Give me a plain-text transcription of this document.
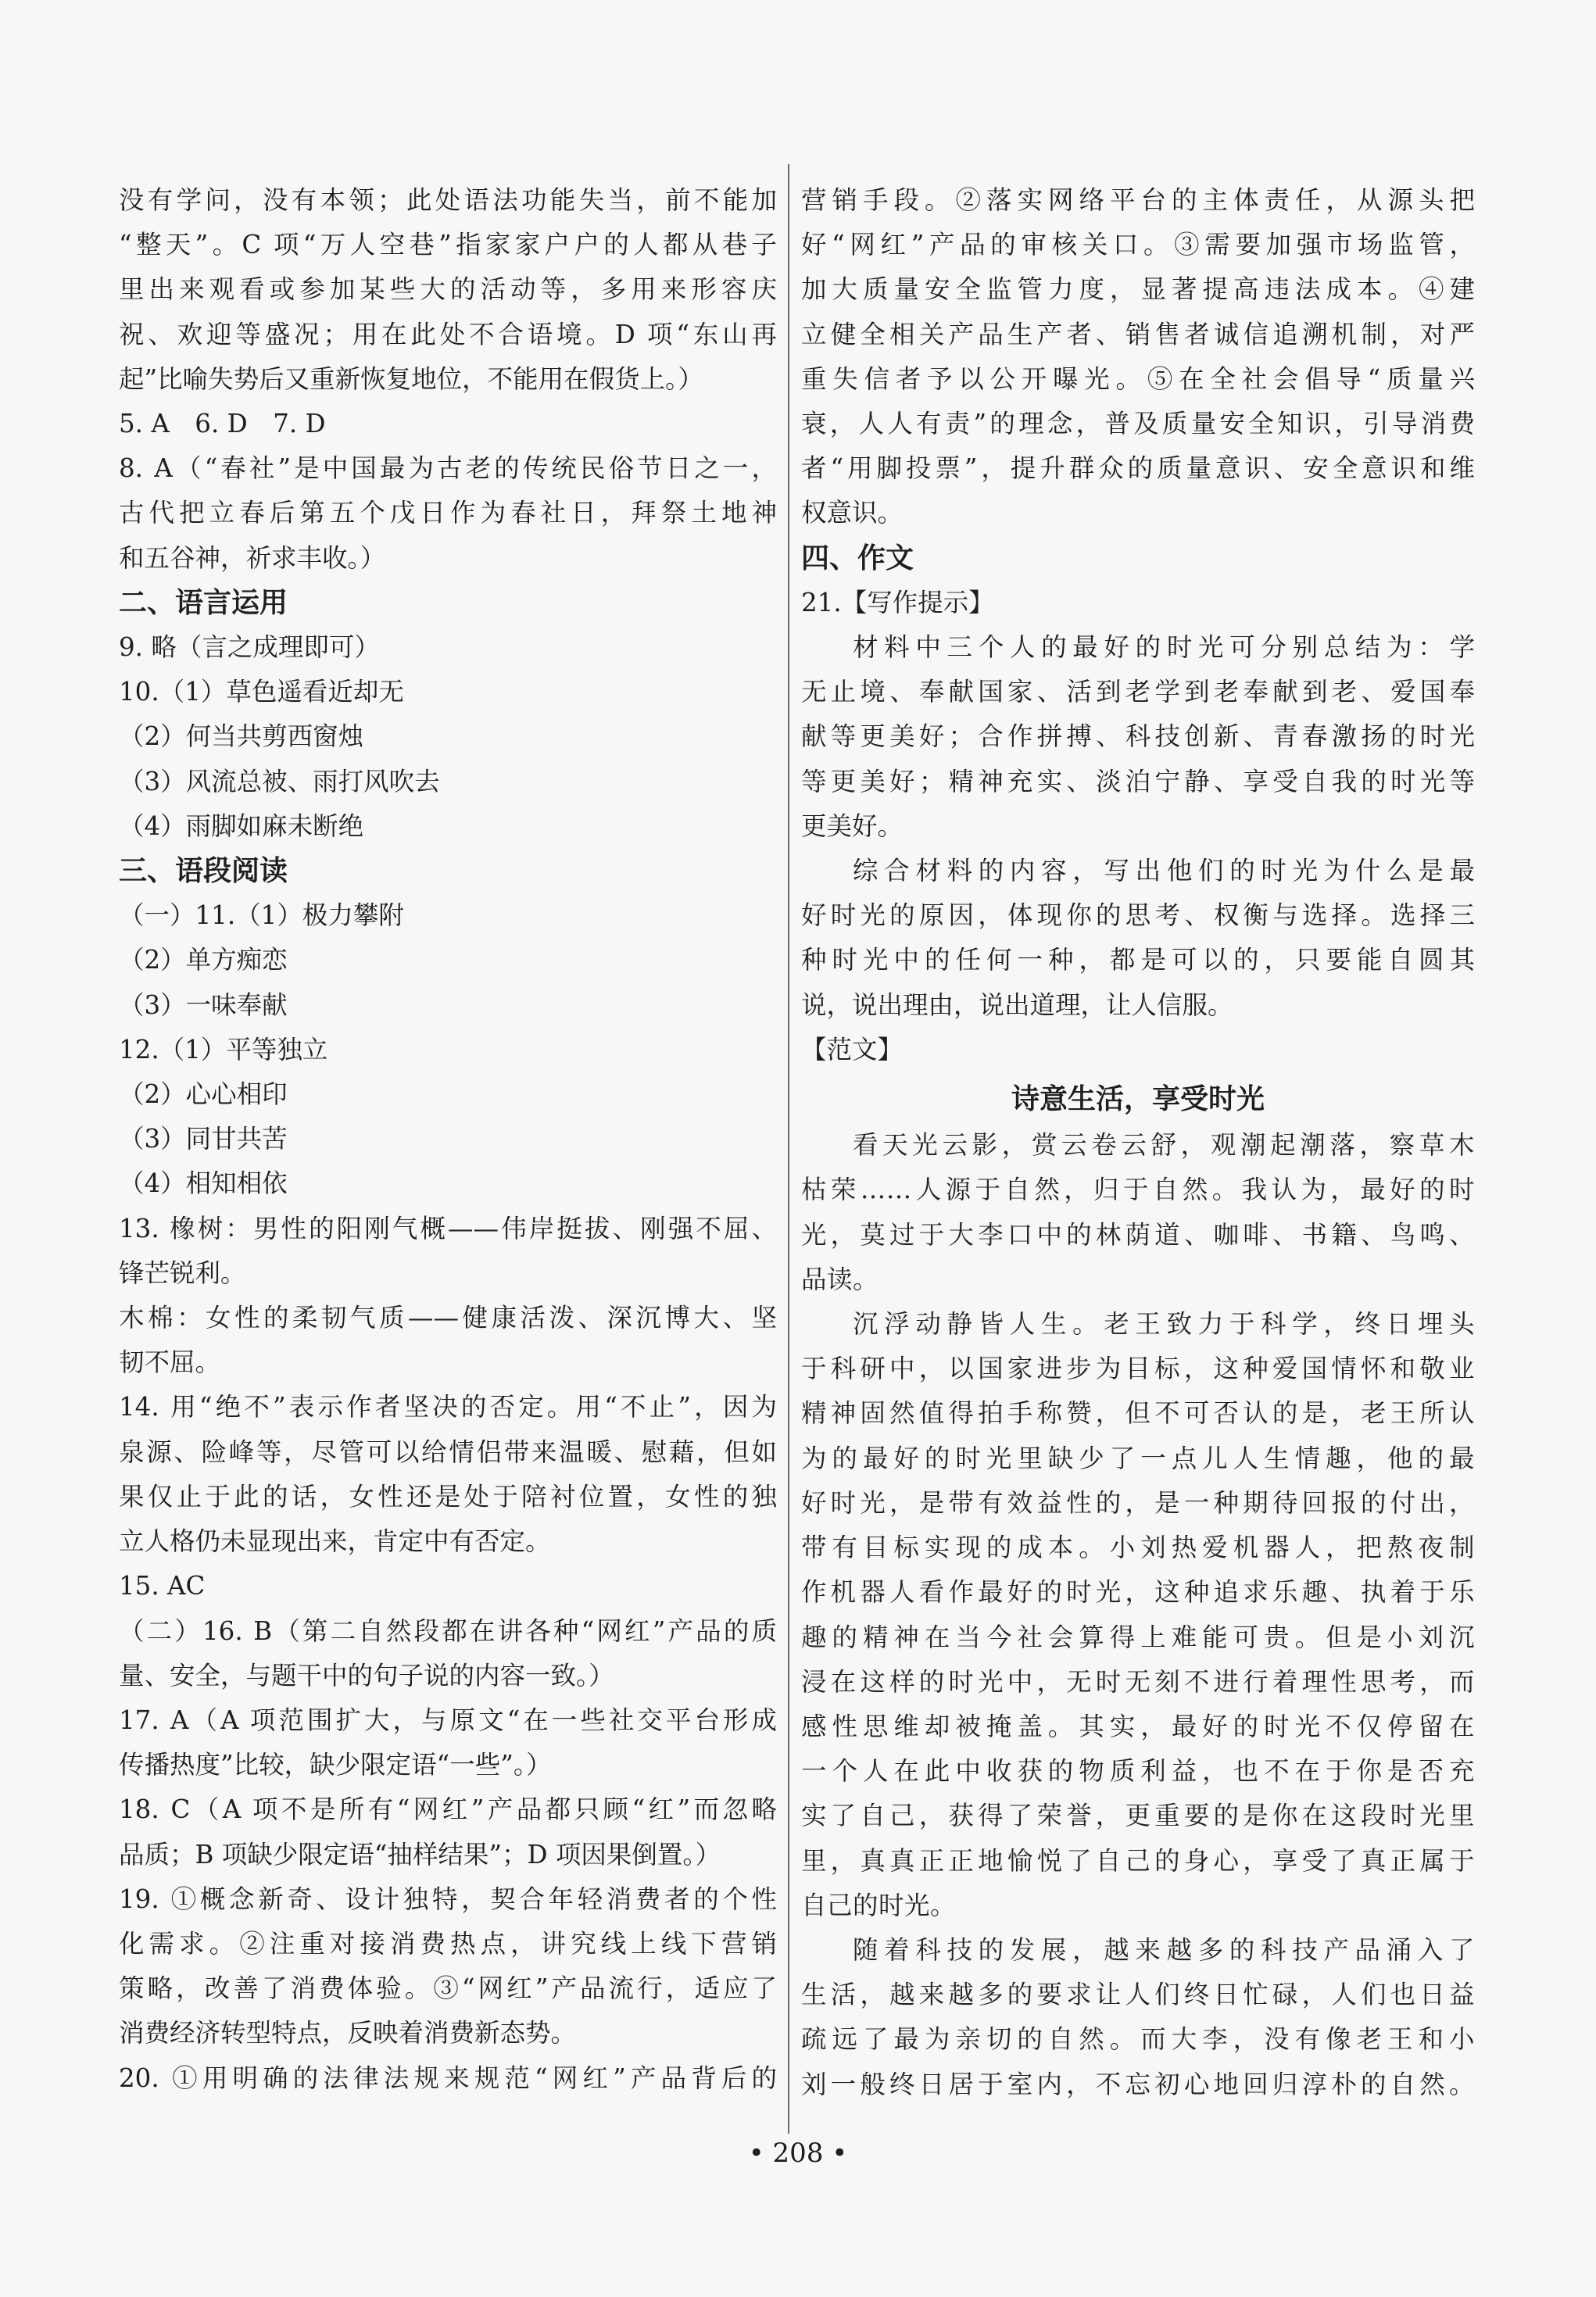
没有学问，没有本领；此处语法功能失当，前不能加
“整天”。C 项“万人空巷”指家家户户的人都从巷子
里出来观看或参加某些大的活动等，多用来形容庆
祝、欢迎等盛况；用在此处不合语境。D 项“东山再
起”比喻失势后又重新恢复地位，不能用在假货上。）
5. A　6. D　7. D
8. A（“春社”是中国最为古老的传统民俗节日之一，
古代把立春后第五个戊日作为春社日，拜祭土地神
和五谷神，祈求丰收。）
二、语言运用
9. 略（言之成理即可）
10.（1）草色遥看近却无
（2）何当共剪西窗烛
（3）风流总被、雨打风吹去
（4）雨脚如麻未断绝
三、语段阅读
（一）11.（1）极力攀附
（2）单方痴恋
（3）一味奉献
12.（1）平等独立
（2）心心相印
（3）同甘共苦
（4）相知相依
13. 橡树：男性的阳刚气概——伟岸挺拔、刚强不屈、
锋芒锐利。
木棉：女性的柔韧气质——健康活泼、深沉博大、坚
韧不屈。
14. 用“绝不”表示作者坚决的否定。用“不止”，因为
泉源、险峰等，尽管可以给情侣带来温暖、慰藉，但如
果仅止于此的话，女性还是处于陪衬位置，女性的独
立人格仍未显现出来，肯定中有否定。
15. AC
（二）16. B（第二自然段都在讲各种“网红”产品的质
量、安全，与题干中的句子说的内容一致。）
17. A（A 项范围扩大，与原文“在一些社交平台形成
传播热度”比较，缺少限定语“一些”。）
18. C（A 项不是所有“网红”产品都只顾“红”而忽略
品质；B 项缺少限定语“抽样结果”；D 项因果倒置。）
19. ①概念新奇、设计独特，契合年轻消费者的个性
化需求。②注重对接消费热点，讲究线上线下营销
策略，改善了消费体验。③“网红”产品流行，适应了
消费经济转型特点，反映着消费新态势。
20. ①用明确的法律法规来规范“网红”产品背后的
营销手段。②落实网络平台的主体责任，从源头把
好“网红”产品的审核关口。③需要加强市场监管，
加大质量安全监管力度，显著提高违法成本。④建
立健全相关产品生产者、销售者诚信追溯机制，对严
重失信者予以公开曝光。⑤在全社会倡导“质量兴
衰，人人有责”的理念，普及质量安全知识，引导消费
者“用脚投票”，提升群众的质量意识、安全意识和维
权意识。
四、作文
21.【写作提示】
材料中三个人的最好的时光可分别总结为：学
无止境、奉献国家、活到老学到老奉献到老、爱国奉
献等更美好；合作拼搏、科技创新、青春激扬的时光
等更美好；精神充实、淡泊宁静、享受自我的时光等
更美好。
综合材料的内容，写出他们的时光为什么是最
好时光的原因，体现你的思考、权衡与选择。选择三
种时光中的任何一种，都是可以的，只要能自圆其
说，说出理由，说出道理，让人信服。
【范文】
诗意生活，享受时光
看天光云影，赏云卷云舒，观潮起潮落，察草木
枯荣……人源于自然，归于自然。我认为，最好的时
光，莫过于大李口中的林荫道、咖啡、书籍、鸟鸣、
品读。
沉浮动静皆人生。老王致力于科学，终日埋头
于科研中，以国家进步为目标，这种爱国情怀和敬业
精神固然值得拍手称赞，但不可否认的是，老王所认
为的最好的时光里缺少了一点儿人生情趣，他的最
好时光，是带有效益性的，是一种期待回报的付出，
带有目标实现的成本。小刘热爱机器人，把熬夜制
作机器人看作最好的时光，这种追求乐趣、执着于乐
趣的精神在当今社会算得上难能可贵。但是小刘沉
浸在这样的时光中，无时无刻不进行着理性思考，而
感性思维却被掩盖。其实，最好的时光不仅停留在
一个人在此中收获的物质利益，也不在于你是否充
实了自己，获得了荣誉，更重要的是你在这段时光里
里，真真正正地愉悦了自己的身心，享受了真正属于
自己的时光。
随着科技的发展，越来越多的科技产品涌入了
生活，越来越多的要求让人们终日忙碌，人们也日益
疏远了最为亲切的自然。而大李，没有像老王和小
刘一般终日居于室内，不忘初心地回归淳朴的自然。
• 208 •
